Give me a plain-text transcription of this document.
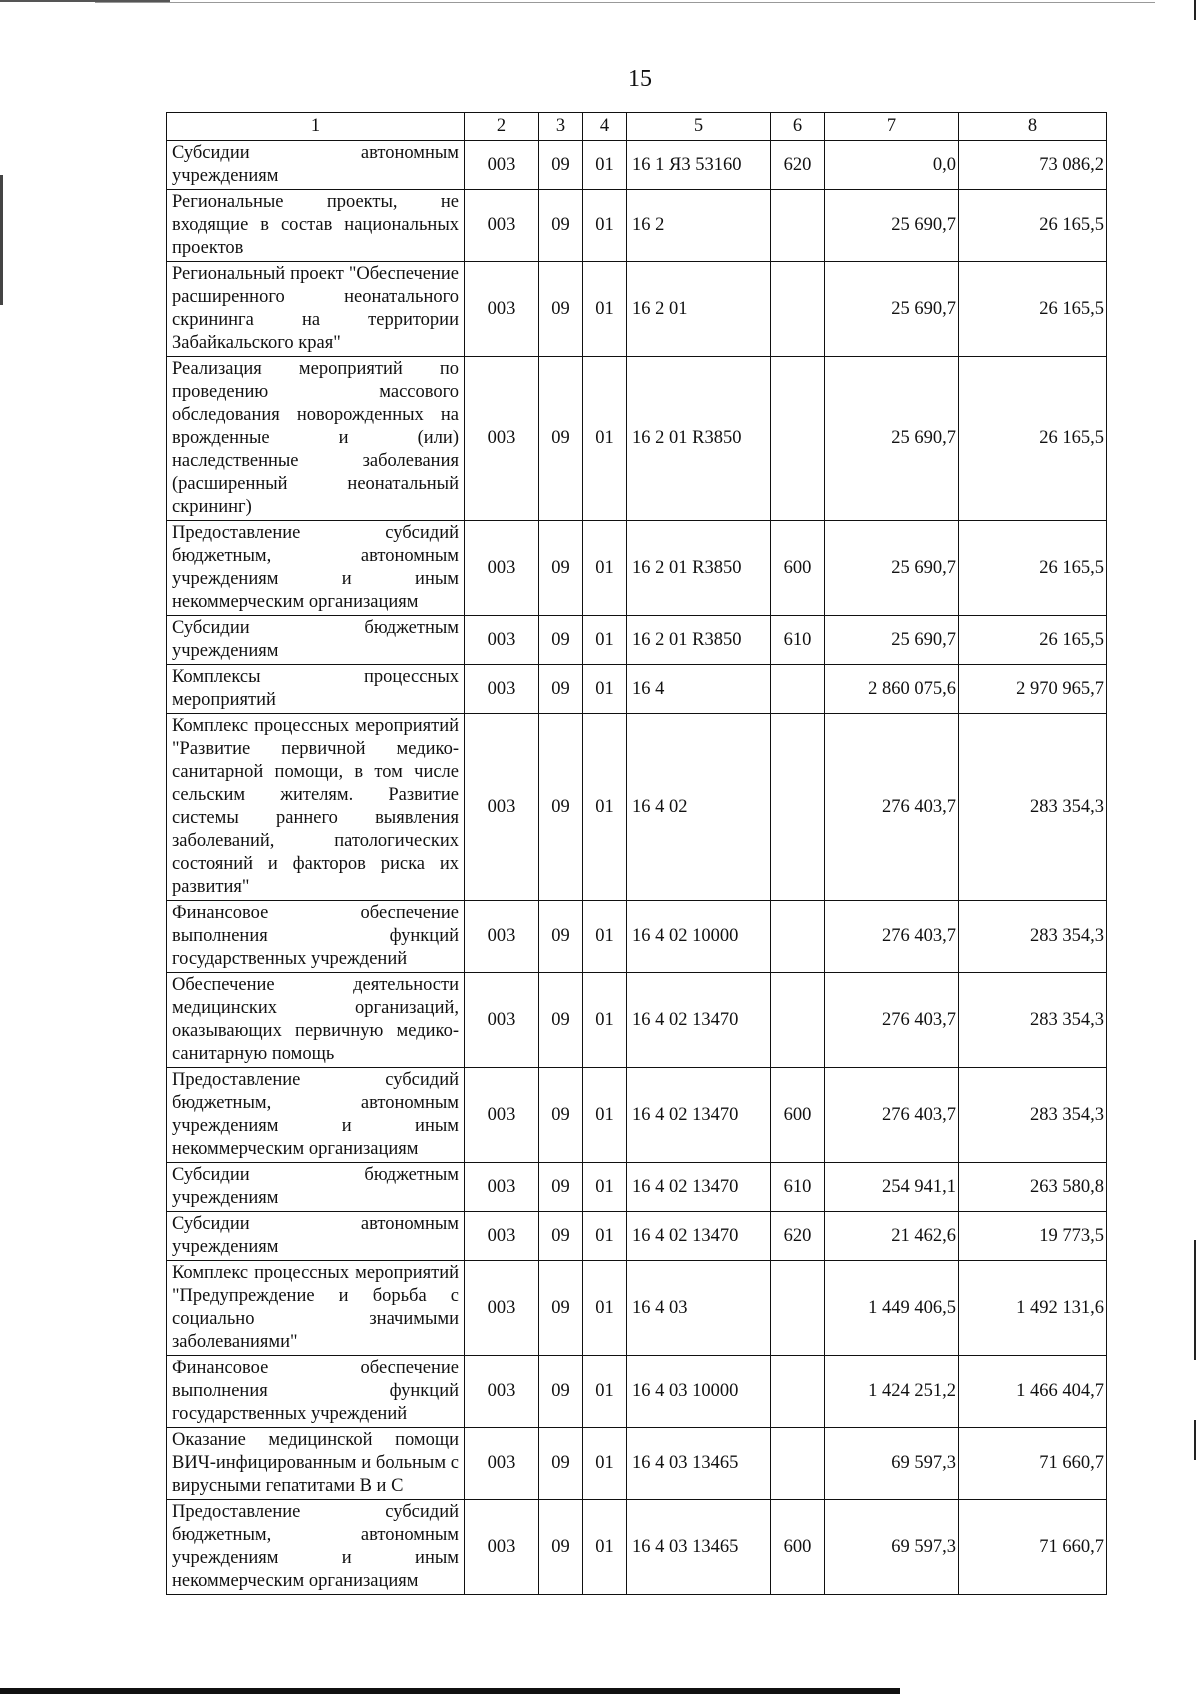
15
1	2	3	4	5	6	7	8
Субсидии автономным учреждениям	003	09	01	16 1 Я3 53160	620	0,0	73 086,2
Региональные проекты, не входящие в состав национальных проектов	003	09	01	16 2		25 690,7	26 165,5
Региональный проект "Обеспечение расширенного неонатального скрининга на территории Забайкальского края"	003	09	01	16 2 01		25 690,7	26 165,5
Реализация мероприятий по проведению массового обследования новорожденных на врожденные и (или) наследственные заболевания (расширенный неонатальный скрининг)	003	09	01	16 2 01 R3850		25 690,7	26 165,5
Предоставление субсидий бюджетным, автономным учреждениям и иным некоммерческим организациям	003	09	01	16 2 01 R3850	600	25 690,7	26 165,5
Субсидии бюджетным учреждениям	003	09	01	16 2 01 R3850	610	25 690,7	26 165,5
Комплексы процессных мероприятий	003	09	01	16 4		2 860 075,6	2 970 965,7
Комплекс процессных мероприятий "Развитие первичной медико-санитарной помощи, в том числе сельским жителям. Развитие системы раннего выявления заболеваний, патологических состояний и факторов риска их развития"	003	09	01	16 4 02		276 403,7	283 354,3
Финансовое обеспечение выполнения функций государственных учреждений	003	09	01	16 4 02 10000		276 403,7	283 354,3
Обеспечение деятельности медицинских организаций, оказывающих первичную медико-санитарную помощь	003	09	01	16 4 02 13470		276 403,7	283 354,3
Предоставление субсидий бюджетным, автономным учреждениям и иным некоммерческим организациям	003	09	01	16 4 02 13470	600	276 403,7	283 354,3
Субсидии бюджетным учреждениям	003	09	01	16 4 02 13470	610	254 941,1	263 580,8
Субсидии автономным учреждениям	003	09	01	16 4 02 13470	620	21 462,6	19 773,5
Комплекс процессных мероприятий "Предупреждение и борьба с социально значимыми заболеваниями"	003	09	01	16 4 03		1 449 406,5	1 492 131,6
Финансовое обеспечение выполнения функций государственных учреждений	003	09	01	16 4 03 10000		1 424 251,2	1 466 404,7
Оказание медицинской помощи ВИЧ-инфицированным и больным с вирусными гепатитами В и С	003	09	01	16 4 03 13465		69 597,3	71 660,7
Предоставление субсидий бюджетным, автономным учреждениям и иным некоммерческим организациям	003	09	01	16 4 03 13465	600	69 597,3	71 660,7
